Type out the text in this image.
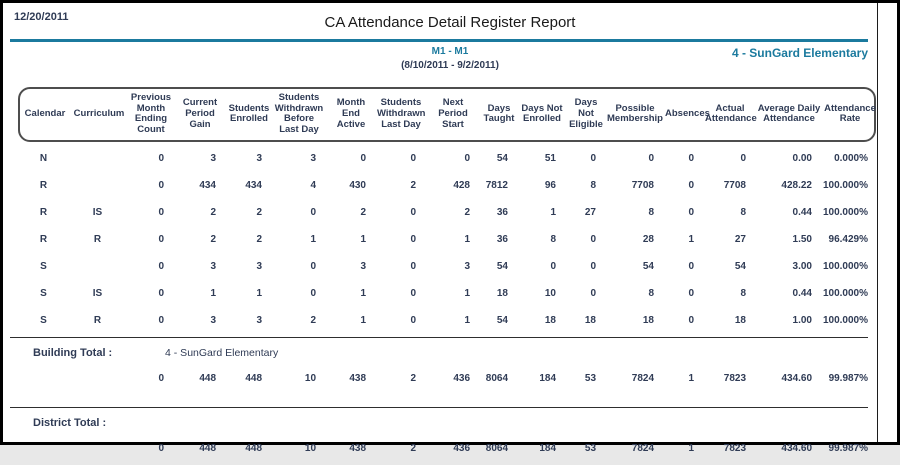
12/20/2011	CA Attendance Detail Register Report
M1 - M1
(8/10/2011 - 9/2/2011)
4 - SunGard Elementary
Calendar	Curriculum	Previous Month Ending Count	Current Period Gain	Students Enrolled	Students Withdrawn Before Last Day	Month End Active	Students Withdrawn Last Day	Next Period Start	Days Taught	Days Not Enrolled	Days Not Eligible	Possible Membership	Absences	Actual Attendance	Average Daily Attendance	Attendance Rate
N		0	3	3	3	0	0	0	54	51	0	0	0	0	0.00	0.000%
R		0	434	434	4	430	2	428	7812	96	8	7708	0	7708	428.22	100.000%
R	IS	0	2	2	0	2	0	2	36	1	27	8	0	8	0.44	100.000%
R	R	0	2	2	1	1	0	1	36	8	0	28	1	27	1.50	96.429%
S		0	3	3	0	3	0	3	54	0	0	54	0	54	3.00	100.000%
S	IS	0	1	1	0	1	0	1	18	10	0	8	0	8	0.44	100.000%
S	R	0	3	3	2	1	0	1	54	18	18	18	0	18	1.00	100.000%
Building Total :	4 - SunGard Elementary														
	0	448	448	10	438	2	436	8064	184	53	7824	1	7823	434.60	99.987%
District Total :															
	0	448	448	10	438	2	436	8064	184	53	7824	1	7823	434.60	99.987%
